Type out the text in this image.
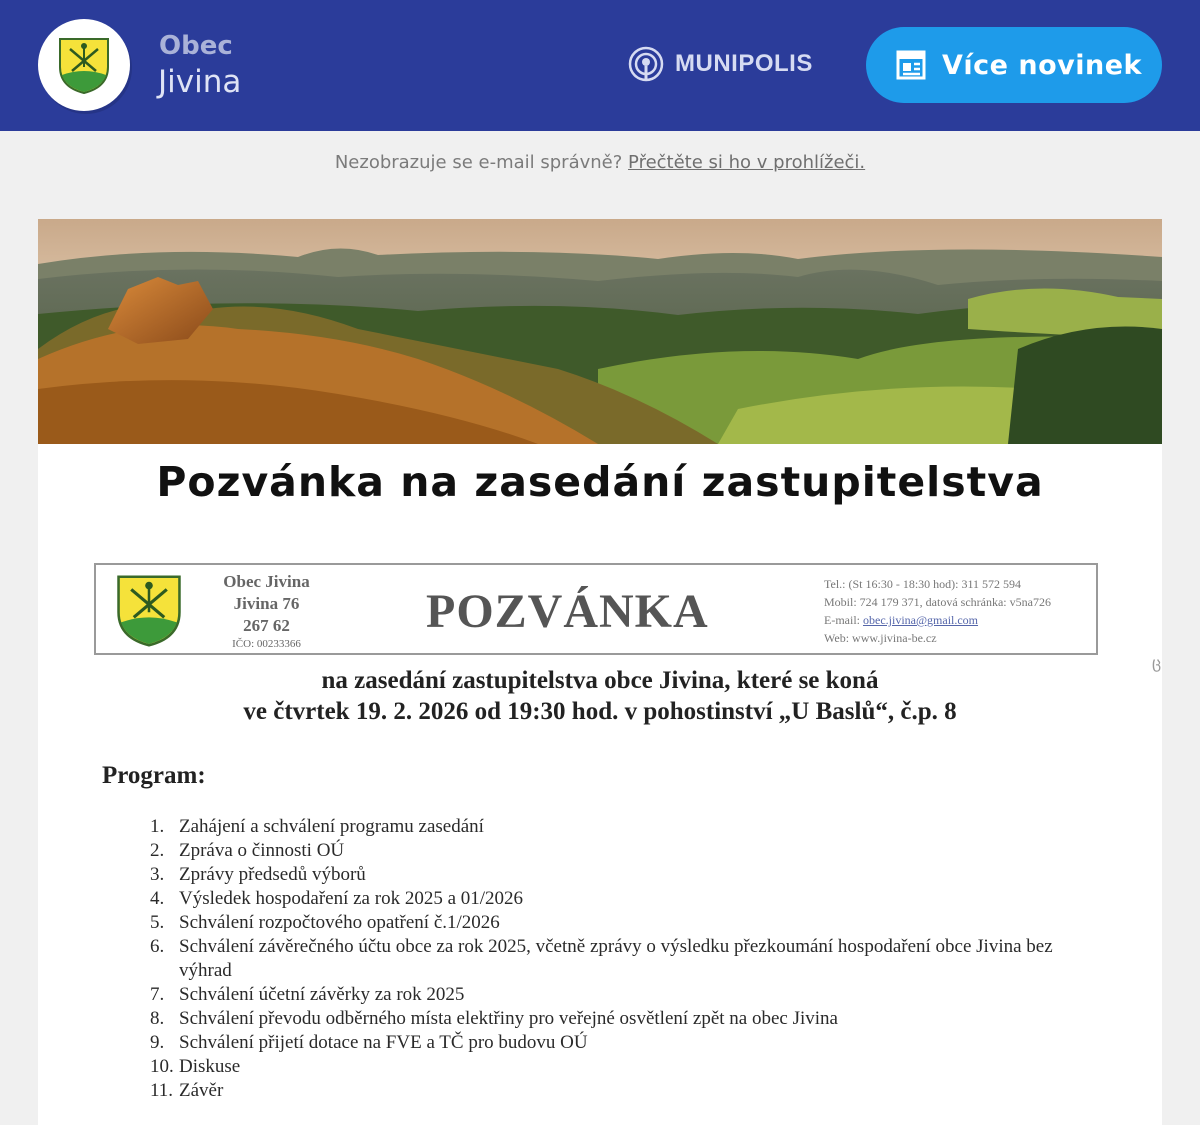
Obec
Jivina
MUNIPOLIS	Více novinek
Nezobrazuje se e-mail správně? Přečtěte si ho v prohlížeči.
Pozvánka na zasedání zastupitelstva
Obec Jivina
Jivina 76
267 62
IČO: 00233366
POZVÁNKA
Tel.: (St 16:30 - 18:30 hod): 311 572 594
Mobil: 724 179 371, datová schránka: v5na726
E-mail: obec.jivina@gmail.com
Web: www.jivina-be.cz
ც
na zasedání zastupitelstva obce Jivina, které se koná
ve čtvrtek 19. 2. 2026 od 19:30 hod. v pohostinství „U Baslů“, č.p. 8
Program:
1. Zahájení a schválení programu zasedání
2. Zpráva o činnosti OÚ
3. Zprávy předsedů výborů
4. Výsledek hospodaření za rok 2025 a 01/2026
5. Schválení rozpočtového opatření č.1/2026
6. Schválení závěrečného účtu obce za rok 2025, včetně zprávy o výsledku přezkoumání hospodaření obce Jivina bez výhrad
7. Schválení účetní závěrky za rok 2025
8. Schválení převodu odběrného místa elektřiny pro veřejné osvětlení zpět na obec Jivina
9. Schválení přijetí dotace na FVE a TČ pro budovu OÚ
10. Diskuse
11. Závěr
